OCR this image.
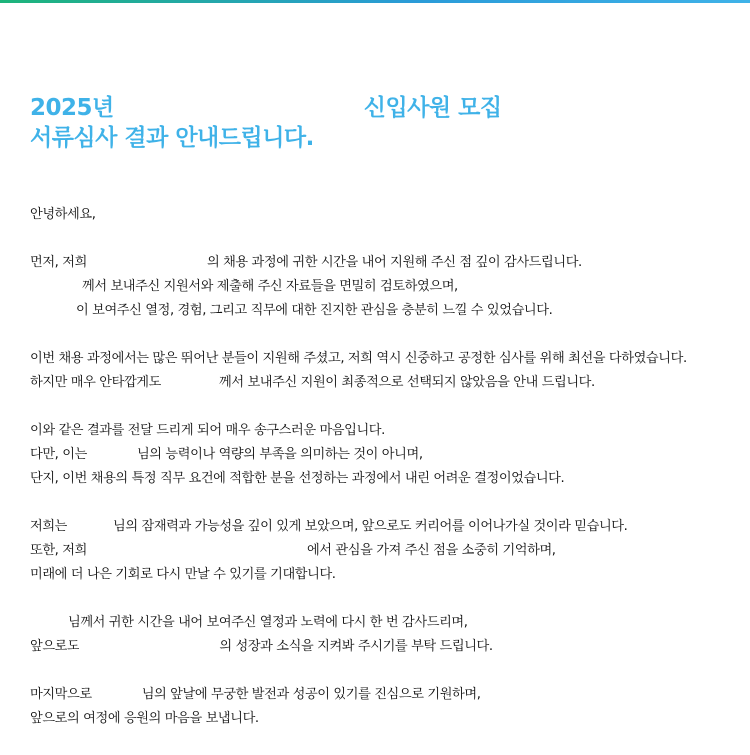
2025년	신입사원 모집
서류심사 결과 안내드립니다.

안녕하세요,

먼저, 저희	의 채용 과정에 귀한 시간을 내어 지원해 주신 점 깊이 감사드립니다.
께서 보내주신 지원서와 제출해 주신 자료들을 면밀히 검토하였으며,
이 보여주신 열정, 경험, 그리고 직무에 대한 진지한 관심을 충분히 느낄 수 있었습니다.

이번 채용 과정에서는 많은 뛰어난 분들이 지원해 주셨고, 저희 역시 신중하고 공정한 심사를 위해 최선을 다하였습니다.
하지만 매우 안타깝게도	께서 보내주신 지원이 최종적으로 선택되지 않았음을 안내 드립니다.

이와 같은 결과를 전달 드리게 되어 매우 송구스러운 마음입니다.
다만, 이는	님의 능력이나 역량의 부족을 의미하는 것이 아니며,
단지, 이번 채용의 특정 직무 요건에 적합한 분을 선정하는 과정에서 내린 어려운 결정이었습니다.

저희는	님의 잠재력과 가능성을 깊이 있게 보았으며, 앞으로도 커리어를 이어나가실 것이라 믿습니다.
또한, 저희	에서 관심을 가져 주신 점을 소중히 기억하며,
미래에 더 나은 기회로 다시 만날 수 있기를 기대합니다.

님께서 귀한 시간을 내어 보여주신 열정과 노력에 다시 한 번 감사드리며,
앞으로도	의 성장과 소식을 지켜봐 주시기를 부탁 드립니다.

마지막으로	님의 앞날에 무궁한 발전과 성공이 있기를 진심으로 기원하며,
앞으로의 여정에 응원의 마음을 보냅니다.
